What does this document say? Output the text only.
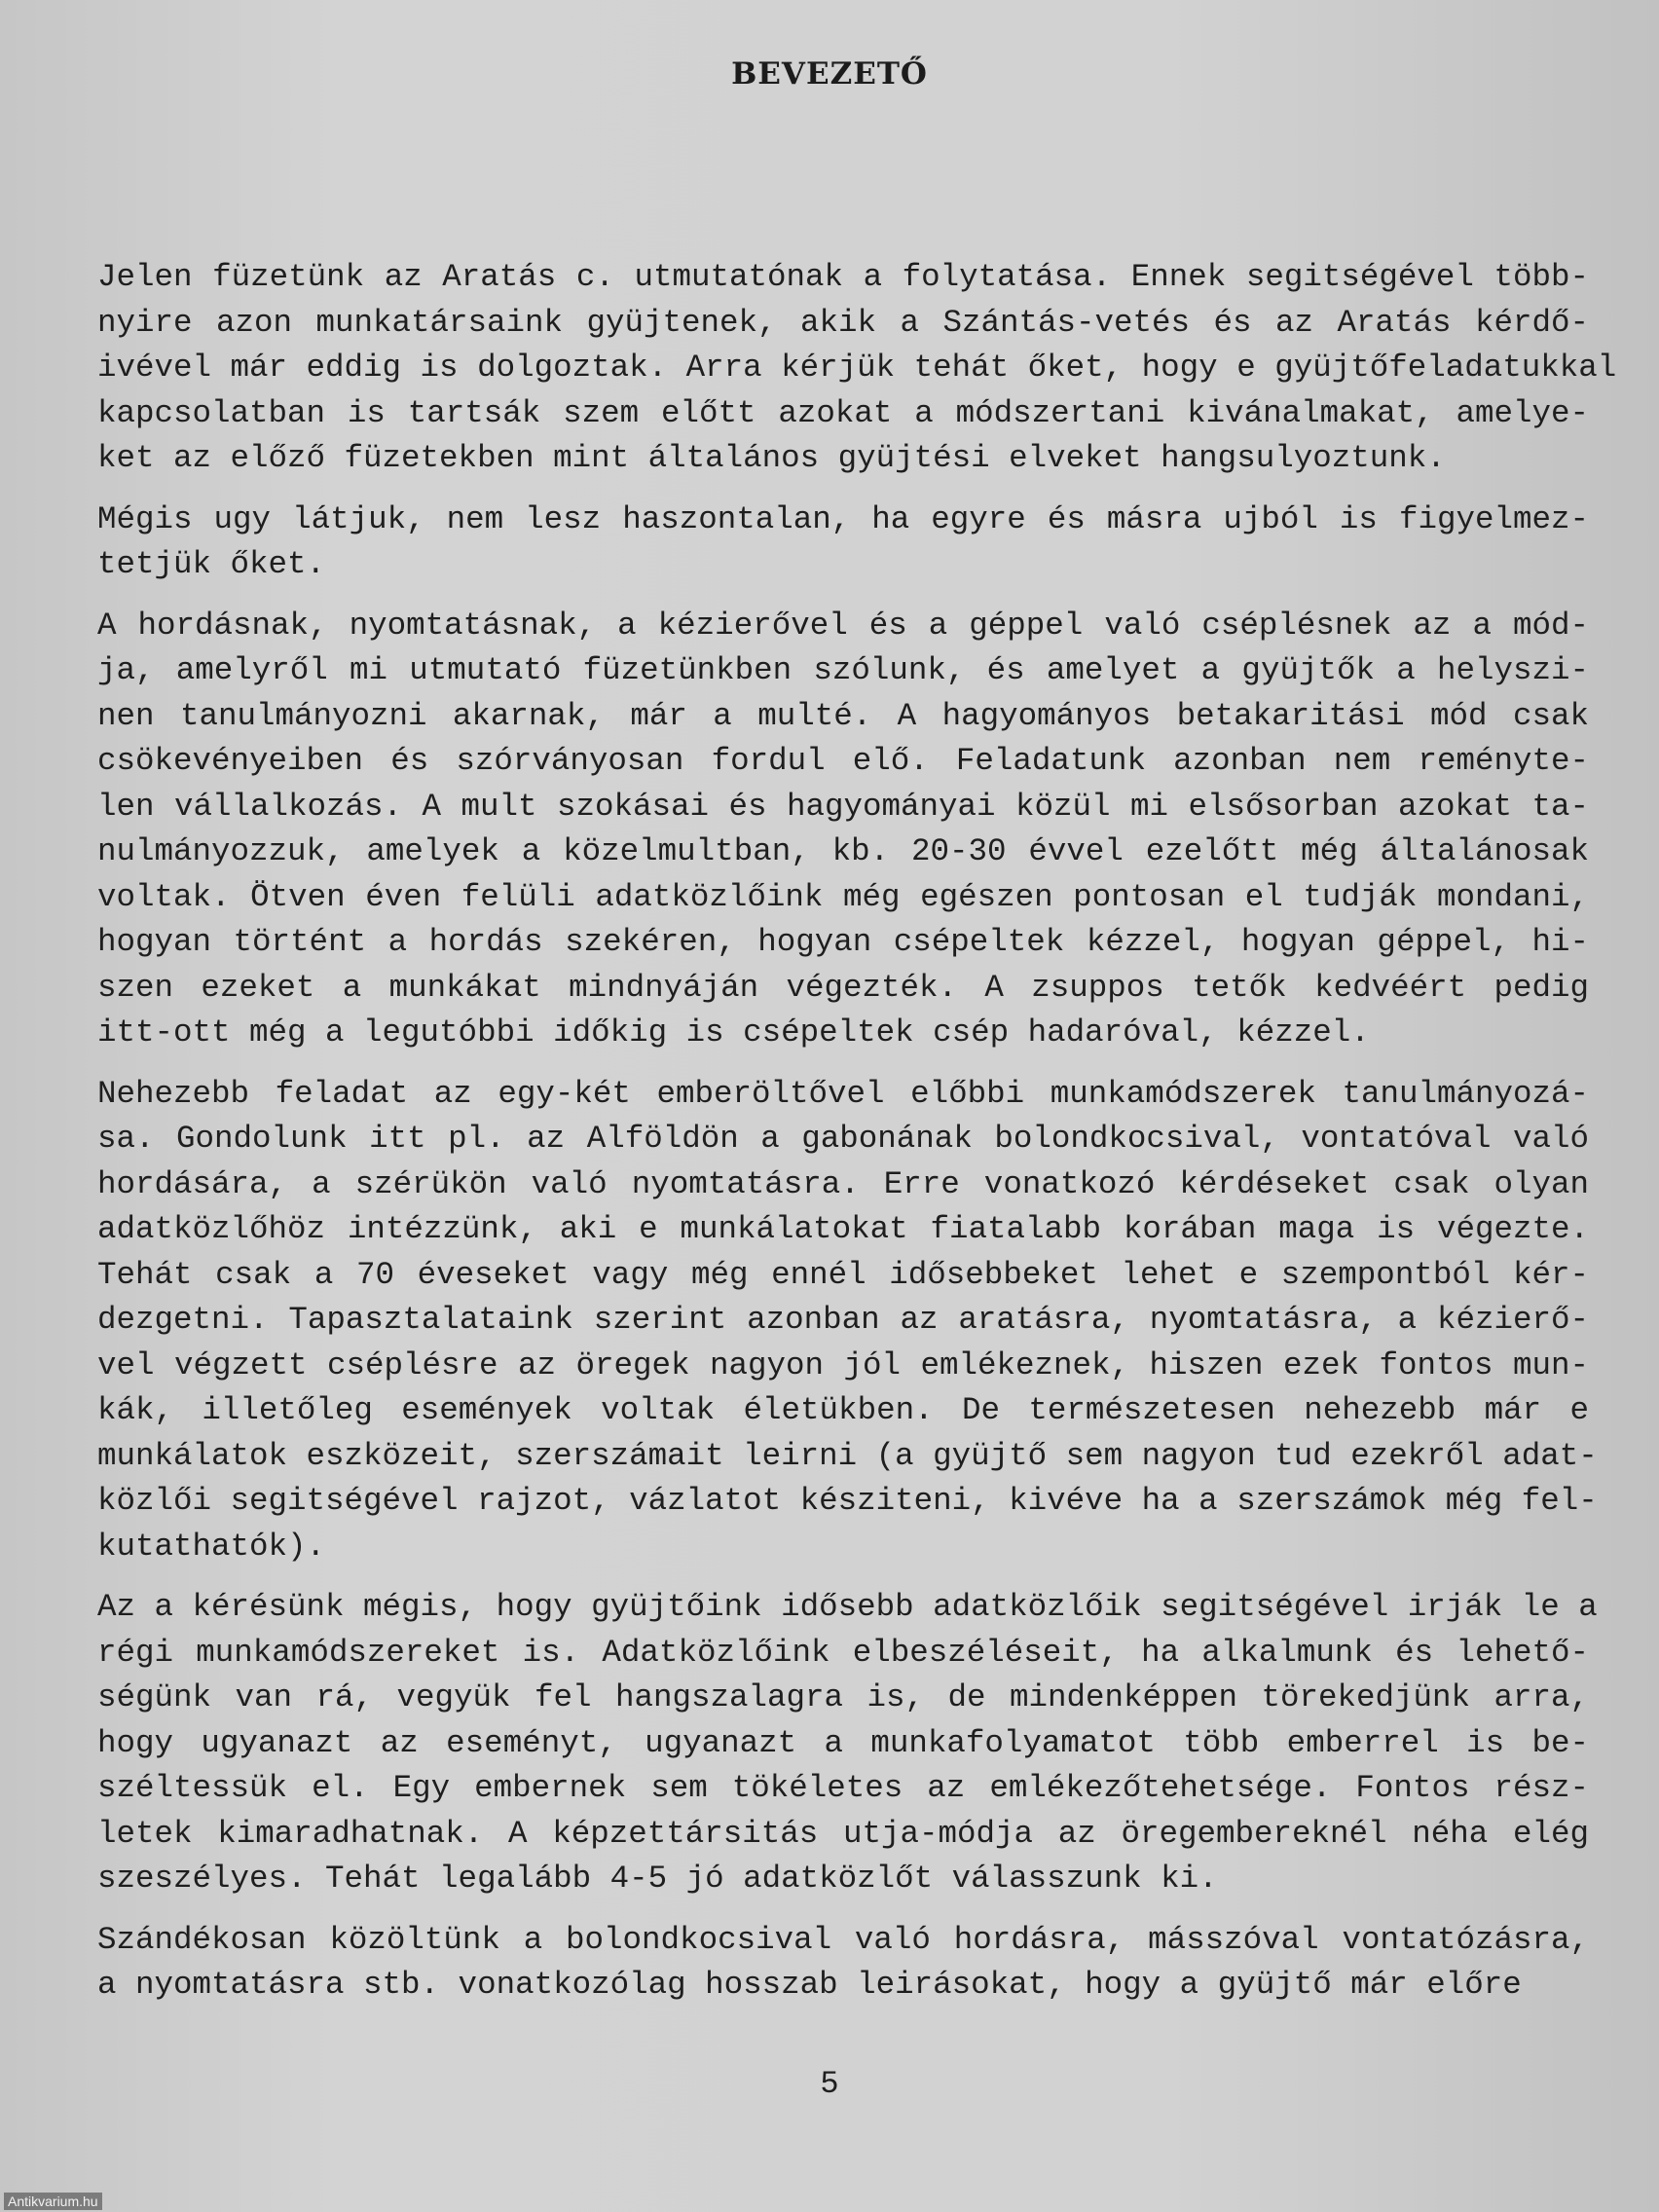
BEVEZETŐ
Jelen füzetünk az Aratás c. utmutatónak a folytatása. Ennek segitségével több-
nyire azon munkatársaink gyüjtenek, akik a Szántás-vetés és az Aratás kérdő-
ivével már eddig is dolgoztak. Arra kérjük tehát őket, hogy e gyüjtőfeladatukkal
kapcsolatban is tartsák szem előtt azokat a módszertani kivánalmakat, amelye-
ket az előző füzetekben mint általános gyüjtési elveket hangsulyoztunk.
Mégis ugy látjuk, nem lesz haszontalan, ha egyre és másra ujból is figyelmez-
tetjük őket.
A hordásnak, nyomtatásnak, a kézierővel és a géppel való cséplésnek az a mód-
ja, amelyről mi utmutató füzetünkben szólunk, és amelyet a gyüjtők a helyszi-
nen tanulmányozni akarnak, már a multé. A hagyományos betakaritási mód csak
csökevényeiben és szórványosan fordul elő. Feladatunk azonban nem reményte-
len vállalkozás. A mult szokásai és hagyományai közül mi elsősorban azokat ta-
nulmányozzuk, amelyek a közelmultban, kb. 20-30 évvel ezelőtt még általánosak
voltak. Ötven éven felüli adatközlőink még egészen pontosan el tudják mondani,
hogyan történt a hordás szekéren, hogyan csépeltek kézzel, hogyan géppel, hi-
szen ezeket a munkákat mindnyáján végezték. A zsuppos tetők kedvéért pedig
itt-ott még a legutóbbi időkig is csépeltek csép hadaróval, kézzel.
Nehezebb feladat az egy-két emberöltővel előbbi munkamódszerek tanulmányozá-
sa. Gondolunk itt pl. az Alföldön a gabonának bolondkocsival, vontatóval való
hordására, a szérükön való nyomtatásra. Erre vonatkozó kérdéseket csak olyan
adatközlőhöz intézzünk, aki e munkálatokat fiatalabb korában maga is végezte.
Tehát csak a 70 éveseket vagy még ennél idősebbeket lehet e szempontból kér-
dezgetni. Tapasztalataink szerint azonban az aratásra, nyomtatásra, a kézierő-
vel végzett cséplésre az öregek nagyon jól emlékeznek, hiszen ezek fontos mun-
kák, illetőleg események voltak életükben. De természetesen nehezebb már e
munkálatok eszközeit, szerszámait leirni (a gyüjtő sem nagyon tud ezekről adat-
közlői segitségével rajzot, vázlatot késziteni, kivéve ha a szerszámok még fel-
kutathatók).
Az a kérésünk mégis, hogy gyüjtőink idősebb adatközlőik segitségével irják le a
régi munkamódszereket is. Adatközlőink elbeszéléseit, ha alkalmunk és lehető-
ségünk van rá, vegyük fel hangszalagra is, de mindenképpen törekedjünk arra,
hogy ugyanazt az eseményt, ugyanazt a munkafolyamatot több emberrel is be-
széltessük el. Egy embernek sem tökéletes az emlékezőtehetsége. Fontos rész-
letek kimaradhatnak. A képzettársitás utja-módja az öregembereknél néha elég
szeszélyes. Tehát legalább 4-5 jó adatközlőt válasszunk ki.
Szándékosan közöltünk a bolondkocsival való hordásra, másszóval vontatózásra,
a nyomtatásra stb. vonatkozólag hosszab leirásokat, hogy a gyüjtő már előre
5
Antikvarium.hu
